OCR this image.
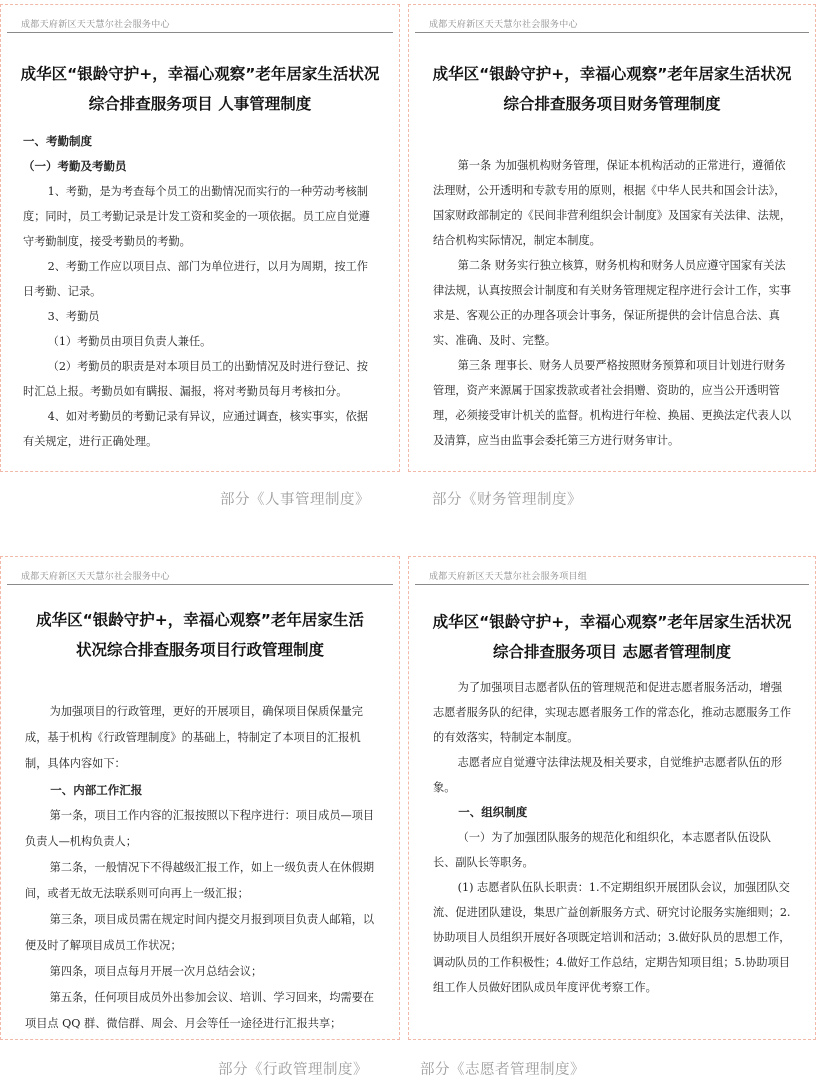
成都天府新区天天慧尔社会服务中心
成华区“银龄守护+，幸福心观察”老年居家生活状况
综合排查服务项目 人事管理制度

一、考勤制度

（一）考勤及考勤员

1、考勤，是为考查每个员工的出勤情况而实行的一种劳动考核制度；同时，员工考勤记录是计发工资和奖金的一项依据。员工应自觉遵守考勤制度，接受考勤员的考勤。

2、考勤工作应以项目点、部门为单位进行，以月为周期，按工作日考勤、记录。

3、考勤员

（1）考勤员由项目负责人兼任。

（2）考勤员的职责是对本项目员工的出勤情况及时进行登记、按时汇总上报。考勤员如有瞒报、漏报，将对考勤员每月考核扣分。

4、如对考勤员的考勤记录有异议，应通过调查，核实事实，依据有关规定，进行正确处理。

成都天府新区天天慧尔社会服务中心
成华区“银龄守护+，幸福心观察”老年居家生活状况
综合排查服务项目财务管理制度

第一条 为加强机构财务管理，保证本机构活动的正常进行，遵循依法理财，公开透明和专款专用的原则，根据《中华人民共和国会计法》，国家财政部制定的《民间非营利组织会计制度》及国家有关法律、法规，结合机构实际情况，制定本制度。

第二条 财务实行独立核算，财务机构和财务人员应遵守国家有关法律法规，认真按照会计制度和有关财务管理规定程序进行会计工作，实事求是、客观公正的办理各项会计事务，保证所提供的会计信息合法、真实、准确、及时、完整。

第三条 理事长、财务人员要严格按照财务预算和项目计划进行财务管理，资产来源属于国家拨款或者社会捐赠、资助的，应当公开透明管理，必须接受审计机关的监督。机构进行年检、换届、更换法定代表人以及清算，应当由监事会委托第三方进行财务审计。

部分《人事管理制度》	部分《财务管理制度》
成都天府新区天天慧尔社会服务中心
成华区“银龄守护+，幸福心观察”老年居家生活
状况综合排查服务项目行政管理制度

为加强项目的行政管理，更好的开展项目，确保项目保质保量完成，基于机构《行政管理制度》的基础上，特制定了本项目的汇报机制，具体内容如下：

一、内部工作汇报

第一条，项目工作内容的汇报按照以下程序进行：项目成员—项目负责人—机构负责人；

第二条，一般情况下不得越级汇报工作，如上一级负责人在休假期间，或者无故无法联系则可向再上一级汇报；

第三条，项目成员需在规定时间内提交月报到项目负责人邮箱，以便及时了解项目成员工作状况；

第四条，项目点每月开展一次月总结会议；

第五条，任何项目成员外出参加会议、培训、学习回来，均需要在项目点 QQ 群、微信群、周会、月会等任一途径进行汇报共享；

成都天府新区天天慧尔社会服务项目组
成华区“银龄守护+，幸福心观察”老年居家生活状况
综合排查服务项目 志愿者管理制度

为了加强项目志愿者队伍的管理规范和促进志愿者服务活动，增强志愿者服务队的纪律，实现志愿者服务工作的常态化，推动志愿服务工作的有效落实，特制定本制度。

志愿者应自觉遵守法律法规及相关要求，自觉维护志愿者队伍的形象。

一、组织制度

（一）为了加强团队服务的规范化和组织化，本志愿者队伍设队长、副队长等职务。

(1) 志愿者队伍队长职责：1.不定期组织开展团队会议，加强团队交流、促进团队建设，集思广益创新服务方式、研究讨论服务实施细则；2.协助项目人员组织开展好各项既定培训和活动；3.做好队员的思想工作，调动队员的工作积极性；4.做好工作总结，定期告知项目组；5.协助项目组工作人员做好团队成员年度评优考察工作。

部分《行政管理制度》	部分《志愿者管理制度》
